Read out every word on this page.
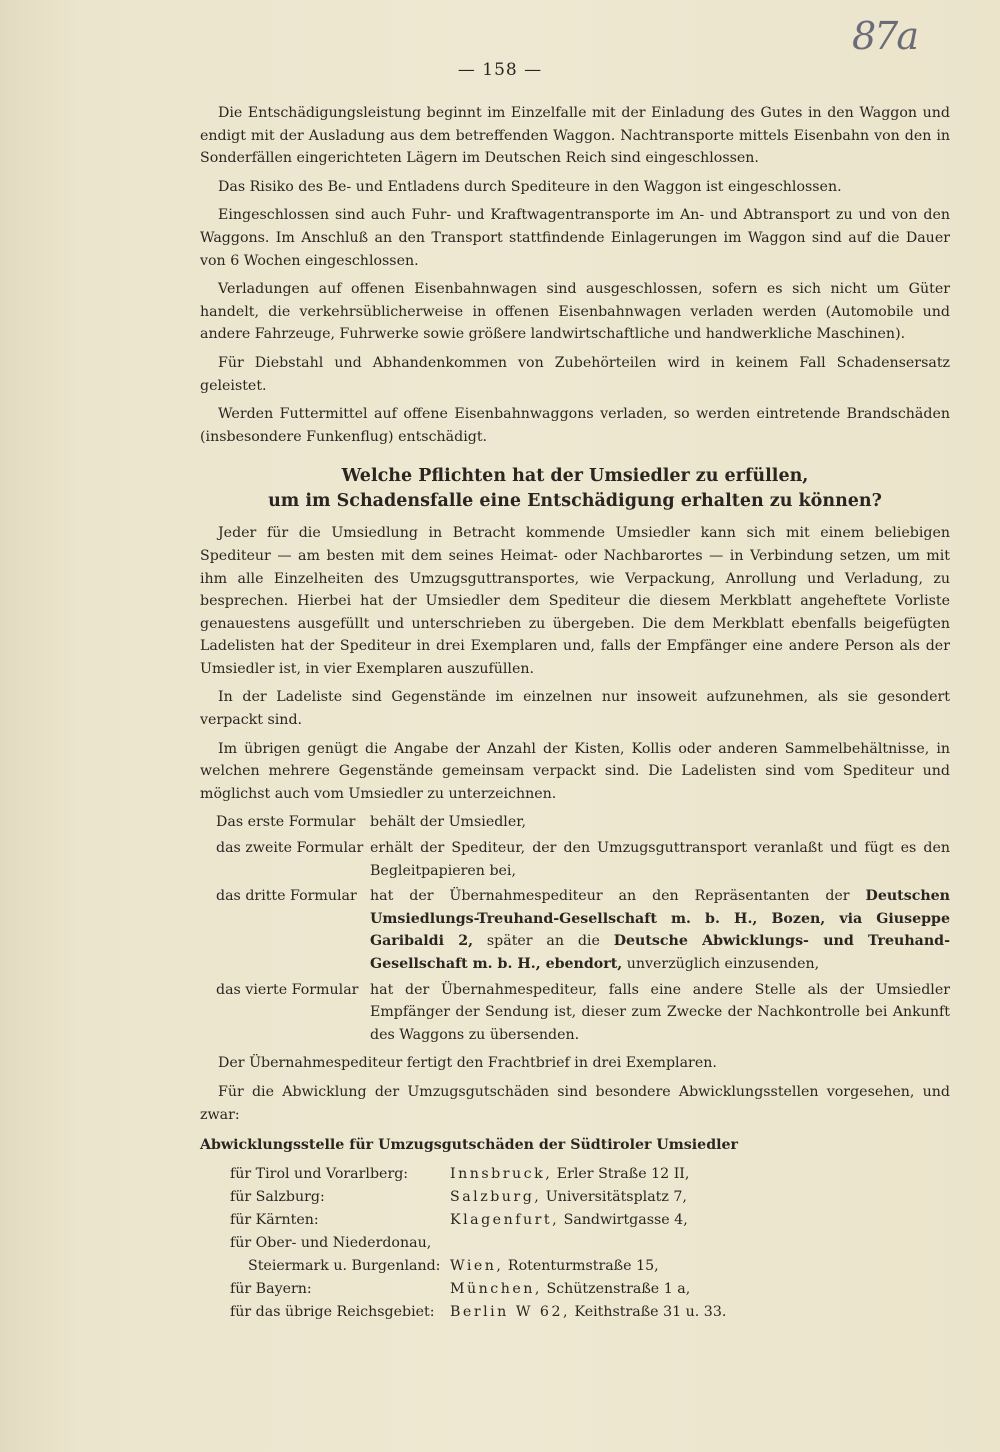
87a
— 158 —

Die Entschädigungsleistung beginnt im Einzelfalle mit der Einladung des Gutes in den Waggon und endigt mit der Ausladung aus dem betreffenden Waggon. Nachtransporte mittels Eisenbahn von den in Sonderfällen eingerichteten Lägern im Deutschen Reich sind eingeschlossen.

Das Risiko des Be- und Entladens durch Spediteure in den Waggon ist eingeschlossen.

Eingeschlossen sind auch Fuhr- und Kraftwagentransporte im An- und Abtransport zu und von den Waggons. Im Anschluß an den Transport stattfindende Einlagerungen im Waggon sind auf die Dauer von 6 Wochen eingeschlossen.

Verladungen auf offenen Eisenbahnwagen sind ausgeschlossen, sofern es sich nicht um Güter handelt, die verkehrsüblicherweise in offenen Eisenbahnwagen verladen werden (Automobile und andere Fahrzeuge, Fuhrwerke sowie größere landwirtschaftliche und handwerkliche Maschinen).

Für Diebstahl und Abhandenkommen von Zubehörteilen wird in keinem Fall Schadensersatz geleistet.

Werden Futtermittel auf offene Eisenbahnwaggons verladen, so werden eintretende Brandschäden (insbesondere Funkenflug) entschädigt.

Welche Pflichten hat der Umsiedler zu erfüllen,
um im Schadensfalle eine Entschädigung erhalten zu können?

Jeder für die Umsiedlung in Betracht kommende Umsiedler kann sich mit einem beliebigen Spediteur — am besten mit dem seines Heimat- oder Nachbarortes — in Verbindung setzen, um mit ihm alle Einzelheiten des Umzugsguttransportes, wie Verpackung, Anrollung und Verladung, zu besprechen. Hierbei hat der Umsiedler dem Spediteur die diesem Merkblatt angeheftete Vorliste genauestens ausgefüllt und unterschrieben zu übergeben. Die dem Merkblatt ebenfalls beigefügten Ladelisten hat der Spediteur in drei Exemplaren und, falls der Empfänger eine andere Person als der Umsiedler ist, in vier Exemplaren auszufüllen.

In der Ladeliste sind Gegenstände im einzelnen nur insoweit aufzunehmen, als sie gesondert verpackt sind.

Im übrigen genügt die Angabe der Anzahl der Kisten, Kollis oder anderen Sammelbehältnisse, in welchen mehrere Gegenstände gemeinsam verpackt sind. Die Ladelisten sind vom Spediteur und möglichst auch vom Umsiedler zu unterzeichnen.

Das erste Formular	behält der Umsiedler,
das zweite Formular erhält der Spediteur, der den Umzugsguttransport veranlaßt und fügt es den Begleitpapieren bei,
das dritte Formular hat der Übernahmespediteur an den Repräsentanten der Deutschen Umsiedlungs-Treuhand-Gesellschaft m. b. H., Bozen, via Giuseppe Garibaldi 2, später an die Deutsche Abwicklungs- und Treuhand-Gesellschaft m. b. H., ebendort, unverzüglich einzusenden,
das vierte Formular hat der Übernahmespediteur, falls eine andere Stelle als der Umsiedler Empfänger der Sendung ist, dieser zum Zwecke der Nachkontrolle bei Ankunft des Waggons zu übersenden.

Der Übernahmespediteur fertigt den Frachtbrief in drei Exemplaren.

Für die Abwicklung der Umzugsgutschäden sind besondere Abwicklungsstellen vorgesehen, und zwar:

Abwicklungsstelle für Umzugsgutschäden der Südtiroler Umsiedler
für Tirol und Vorarlberg:	Innsbruck, Erler Straße 12 II,
für Salzburg:	Salzburg, Universitätsplatz 7,
für Kärnten:	Klagenfurt, Sandwirtgasse 4,
für Ober- und Niederdonau,
Steiermark u. Burgenland: Wien, Rotenturmstraße 15,
für Bayern:	München, Schützenstraße 1 a,
für das übrige Reichsgebiet:	Berlin W 62, Keithstraße 31 u. 33.
